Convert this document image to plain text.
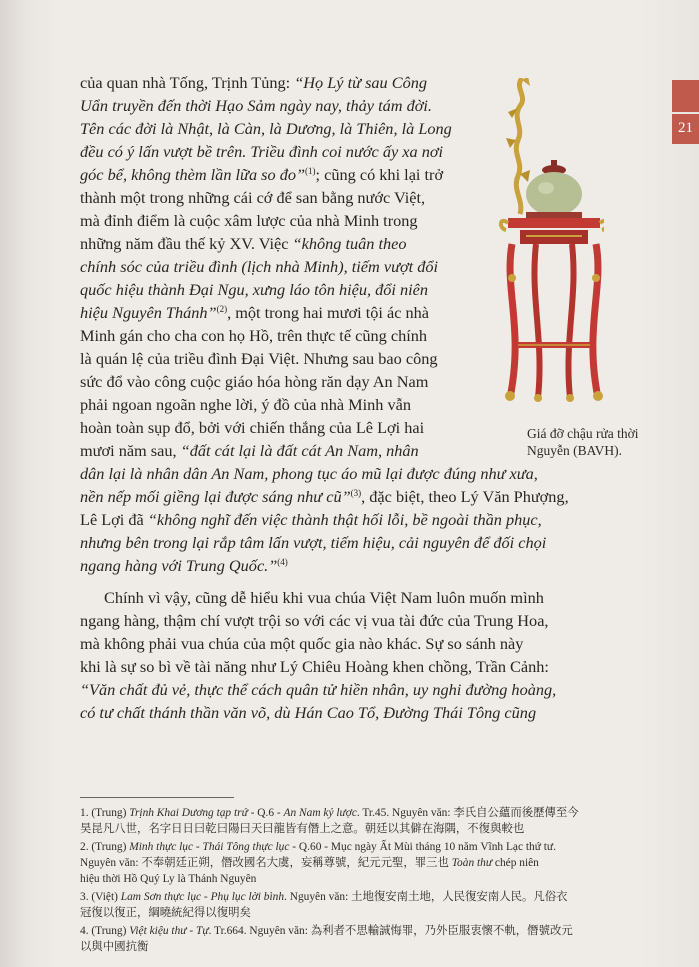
21
Giá đỡ chậu rửa thời Nguyễn (BAVH).
của quan nhà Tống, Trịnh Tủng: “Họ Lý từ sau Công
Uẩn truyền đến thời Hạo Sảm ngày nay, thảy tám đời.
Tên các đời là Nhật, là Càn, là Dương, là Thiên, là Long
đều có ý lấn vượt bề trên. Triều đình coi nước ấy xa nơi
góc bể, không thèm lần lữa so đo”$^{(1)}$; cũng có khi lại trở
thành một trong những cái cớ để san bằng nước Việt,
mà đỉnh điểm là cuộc xâm lược của nhà Minh trong
những năm đầu thế kỷ XV. Việc “không tuân theo
chính sóc của triều đình (lịch nhà Minh), tiếm vượt đổi
quốc hiệu thành Đại Ngu, xưng láo tôn hiệu, đổi niên
hiệu Nguyên Thánh”$^{(2)}$, một trong hai mươi tội ác nhà
Minh gán cho cha con họ Hồ, trên thực tế cũng chính
là quán lệ của triều đình Đại Việt. Nhưng sau bao công
sức đổ vào công cuộc giáo hóa hòng răn dạy An Nam
phải ngoan ngoãn nghe lời, ý đồ của nhà Minh vẫn
hoàn toàn sụp đổ, bởi với chiến thắng của Lê Lợi hai
mươi năm sau, “đất cát lại là đất cát An Nam, nhân
dân lại là nhân dân An Nam, phong tục áo mũ lại được đúng như xưa,
nền nếp mối giềng lại được sáng như cũ”$^{(3)}$, đặc biệt, theo Lý Văn Phượng,
Lê Lợi đã “không nghĩ đến việc thành thật hối lỗi, bề ngoài thần phục,
nhưng bên trong lại rắp tâm lấn vượt, tiếm hiệu, cải nguyên để đối chọi
ngang hàng với Trung Quốc.”$^{(4)}$
Chính vì vậy, cũng dễ hiểu khi vua chúa Việt Nam luôn muốn mình
ngang hàng, thậm chí vượt trội so với các vị vua tài đức của Trung Hoa,
mà không phải vua chúa của một quốc gia nào khác. Sự so sánh này
khi là sự so bì về tài năng như Lý Chiêu Hoàng khen chồng, Trần Cảnh:
“Văn chất đủ vẻ, thực thể cách quân tử hiền nhân, uy nghi đường hoàng,
có tư chất thánh thần văn võ, dù Hán Cao Tổ, Đường Thái Tông cũng
1. (Trung) Trịnh Khai Dương tạp trứ - Q.6 - An Nam kỷ lược. Tr.45. Nguyên văn: 李氏自公蘊而後歷傳至今
昊昆凡八世，名字日日曰乾曰陽曰天曰龍皆有僭上之意。朝廷以其僻在海隅，不復與較也
2. (Trung) Minh thực lục - Thái Tông thực lục - Q.60 - Mục ngày Ất Mùi tháng 10 năm Vĩnh Lạc thứ tư.
Nguyên văn: 不奉朝廷正朔，僭改國名大虞，妄稱尊號，紀元元聖，罪三也 Toàn thư chép niên
hiệu thời Hồ Quý Ly là Thánh Nguyên
3. (Việt) Lam Sơn thực lục - Phụ lục lời bình. Nguyên văn: 土地復安南土地，人民復安南人民。凡俗衣
冠復以復正，綱曉統紀得以復明矣
4. (Trung) Việt kiệu thư - Tự. Tr.664. Nguyên văn: 為利者不思輸誠悔罪，乃外臣服衷懷不軌，僭號改元
以與中國抗衡
